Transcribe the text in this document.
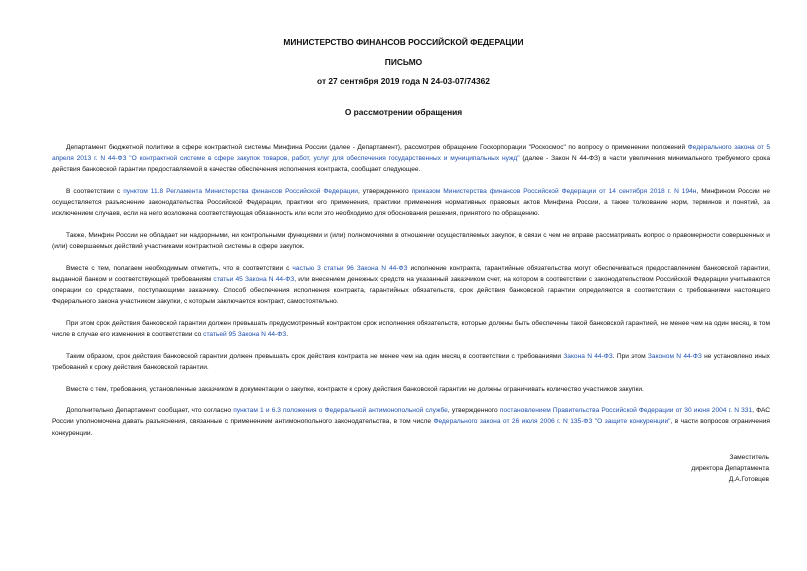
МИНИСТЕРСТВО ФИНАНСОВ РОССИЙСКОЙ ФЕДЕРАЦИИ
ПИСЬМО
от 27 сентября 2019 года N 24-03-07/74362
О рассмотрении обращения

Департамент бюджетной политики в сфере контрактной системы Минфина России (далее - Департамент), рассмотрев обращение Госкорпорации "Роскосмос" по вопросу о применении положений Федерального закона от 5 апреля 2013 г. N 44-ФЗ "О контрактной системе в сфере закупок товаров, работ, услуг для обеспечения государственных и муниципальных нужд" (далее - Закон N 44-ФЗ) в части увеличения минимального требуемого срока действия банковской гарантии предоставляемой в качестве обеспечения исполнения контракта, сообщает следующее.

В соответствии с пунктом 11.8 Регламента Министерства финансов Российской Федерации, утвержденного приказом Министерства финансов Российской Федерации от 14 сентября 2018 г. N 194н, Минфином России не осуществляется разъяснение законодательства Российской Федерации, практики его применения, практики применения нормативных правовых актов Минфина России, а также толкование норм, терминов и понятий, за исключением случаев, если на него возложена соответствующая обязанность или если это необходимо для обоснования решения, принятого по обращению.

Также, Минфин России не обладает ни надзорными, ни контрольными функциями и (или) полномочиями в отношении осуществляемых закупок, в связи с чем не вправе рассматривать вопрос о правомерности совершенных и (или) совершаемых действий участниками контрактной системы в сфере закупок.

Вместе с тем, полагаем необходимым отметить, что в соответствии с частью 3 статьи 96 Закона N 44-ФЗ исполнение контракта, гарантийные обязательства могут обеспечиваться предоставлением банковской гарантии, выданной банком и соответствующей требованиям статьи 45 Закона N 44-ФЗ, или внесением денежных средств на указанный заказчиком счет, на котором в соответствии с законодательством Российской Федерации учитываются операции со средствами, поступающими заказчику. Способ обеспечения исполнения контракта, гарантийных обязательств, срок действия банковской гарантии определяются в соответствии с требованиями настоящего Федерального закона участником закупки, с которым заключается контракт, самостоятельно.

При этом срок действия банковской гарантии должен превышать предусмотренный контрактом срок исполнения обязательств, которые должны быть обеспечены такой банковской гарантией, не менее чем на один месяц, в том числе в случае его изменения в соответствии со статьей 95 Закона N 44-ФЗ.

Таким образом, срок действия банковской гарантии должен превышать срок действия контракта не менее чем на один месяц в соответствии с требованиями Закона N 44-ФЗ. При этом Законом N 44-ФЗ не установлено иных требований к сроку действия банковской гарантии.

Вместе с тем, требования, установленные заказчиком в документации о закупке, контракте к сроку действия банковской гарантии не должны ограничивать количество участников закупки.

Дополнительно Департамент сообщает, что согласно пунктам 1 и 6.3 положения о Федеральной антимонопольной службе, утвержденного постановлением Правительства Российской Федерации от 30 июня 2004 г. N 331, ФАС России уполномочена давать разъяснения, связанные с применением антимонопольного законодательства, в том числе Федерального закона от 26 июля 2006 г. N 135-ФЗ "О защите конкуренции", в части вопросов ограничения конкуренции.

Заместитель
директора Департамента
Д.А.Готовцев
